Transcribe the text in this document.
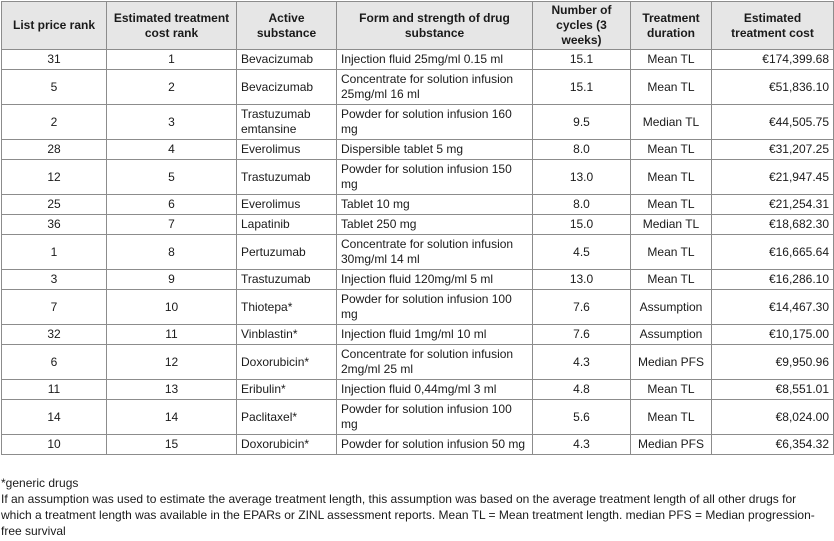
List price rank	Estimated treatment cost rank	Active substance	Form and strength of drug substance	Number of cycles (3 weeks)	Treatment duration	Estimated treatment cost
31	1	Bevacizumab	Injection fluid 25mg/ml 0.15 ml	15.1	Mean TL	€174,399.68
5	2	Bevacizumab	Concentrate for solution infusion 25mg/ml 16 ml	15.1	Mean TL	€51,836.10
2	3	Trastuzumab emtansine	Powder for solution infusion 160 mg	9.5	Median TL	€44,505.75
28	4	Everolimus	Dispersible tablet 5 mg	8.0	Mean TL	€31,207.25
12	5	Trastuzumab	Powder for solution infusion 150 mg	13.0	Mean TL	€21,947.45
25	6	Everolimus	Tablet 10 mg	8.0	Mean TL	€21,254.31
36	7	Lapatinib	Tablet 250 mg	15.0	Median TL	€18,682.30
1	8	Pertuzumab	Concentrate for solution infusion 30mg/ml 14 ml	4.5	Mean TL	€16,665.64
3	9	Trastuzumab	Injection fluid 120mg/ml 5 ml	13.0	Mean TL	€16,286.10
7	10	Thiotepa*	Powder for solution infusion 100 mg	7.6	Assumption	€14,467.30
32	11	Vinblastin*	Injection fluid 1mg/ml 10 ml	7.6	Assumption	€10,175.00
6	12	Doxorubicin*	Concentrate for solution infusion 2mg/ml 25 ml	4.3	Median PFS	€9,950.96
11	13	Eribulin*	Injection fluid 0,44mg/ml 3 ml	4.8	Mean TL	€8,551.01
14	14	Paclitaxel*	Powder for solution infusion 100 mg	5.6	Mean TL	€8,024.00
10	15	Doxorubicin*	Powder for solution infusion 50 mg	4.3	Median PFS	€6,354.32

*generic drugs

If an assumption was used to estimate the average treatment length, this assumption was based on the average treatment length of all other drugs for which a treatment length was available in the EPARs or ZINL assessment reports. Mean TL = Mean treatment length. median PFS = Median progression-free survival
